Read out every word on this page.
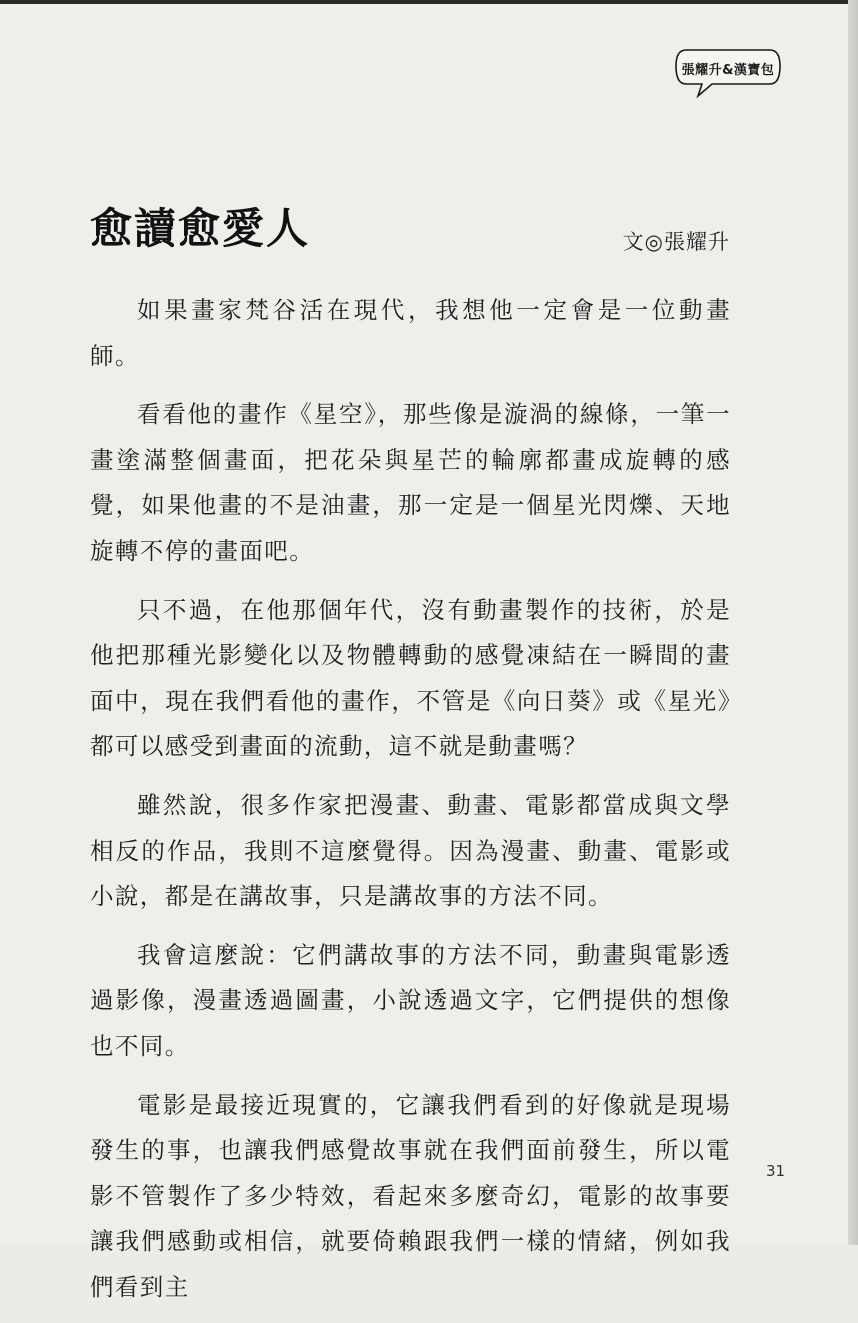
張耀升&漢寶包
愈讀愈愛人	文◎張耀升

如果畫家梵谷活在現代，我想他一定會是一位動畫師。

看看他的畫作《星空》，那些像是漩渦的線條，一筆一畫塗滿整個畫面，把花朵與星芒的輪廓都畫成旋轉的感覺，如果他畫的不是油畫，那一定是一個星光閃爍、天地旋轉不停的畫面吧。

只不過，在他那個年代，沒有動畫製作的技術，於是他把那種光影變化以及物體轉動的感覺凍結在一瞬間的畫面中，現在我們看他的畫作，不管是《向日葵》或《星光》都可以感受到畫面的流動，這不就是動畫嗎？

雖然說，很多作家把漫畫、動畫、電影都當成與文學相反的作品，我則不這麼覺得。因為漫畫、動畫、電影或小說，都是在講故事，只是講故事的方法不同。

我會這麼說：它們講故事的方法不同，動畫與電影透過影像，漫畫透過圖畫，小說透過文字，它們提供的想像也不同。

電影是最接近現實的，它讓我們看到的好像就是現場發生的事，也讓我們感覺故事就在我們面前發生，所以電影不管製作了多少特效，看起來多麼奇幻，電影的故事要讓我們感動或相信，就要倚賴跟我們一樣的情緒，例如我們看到主

31
